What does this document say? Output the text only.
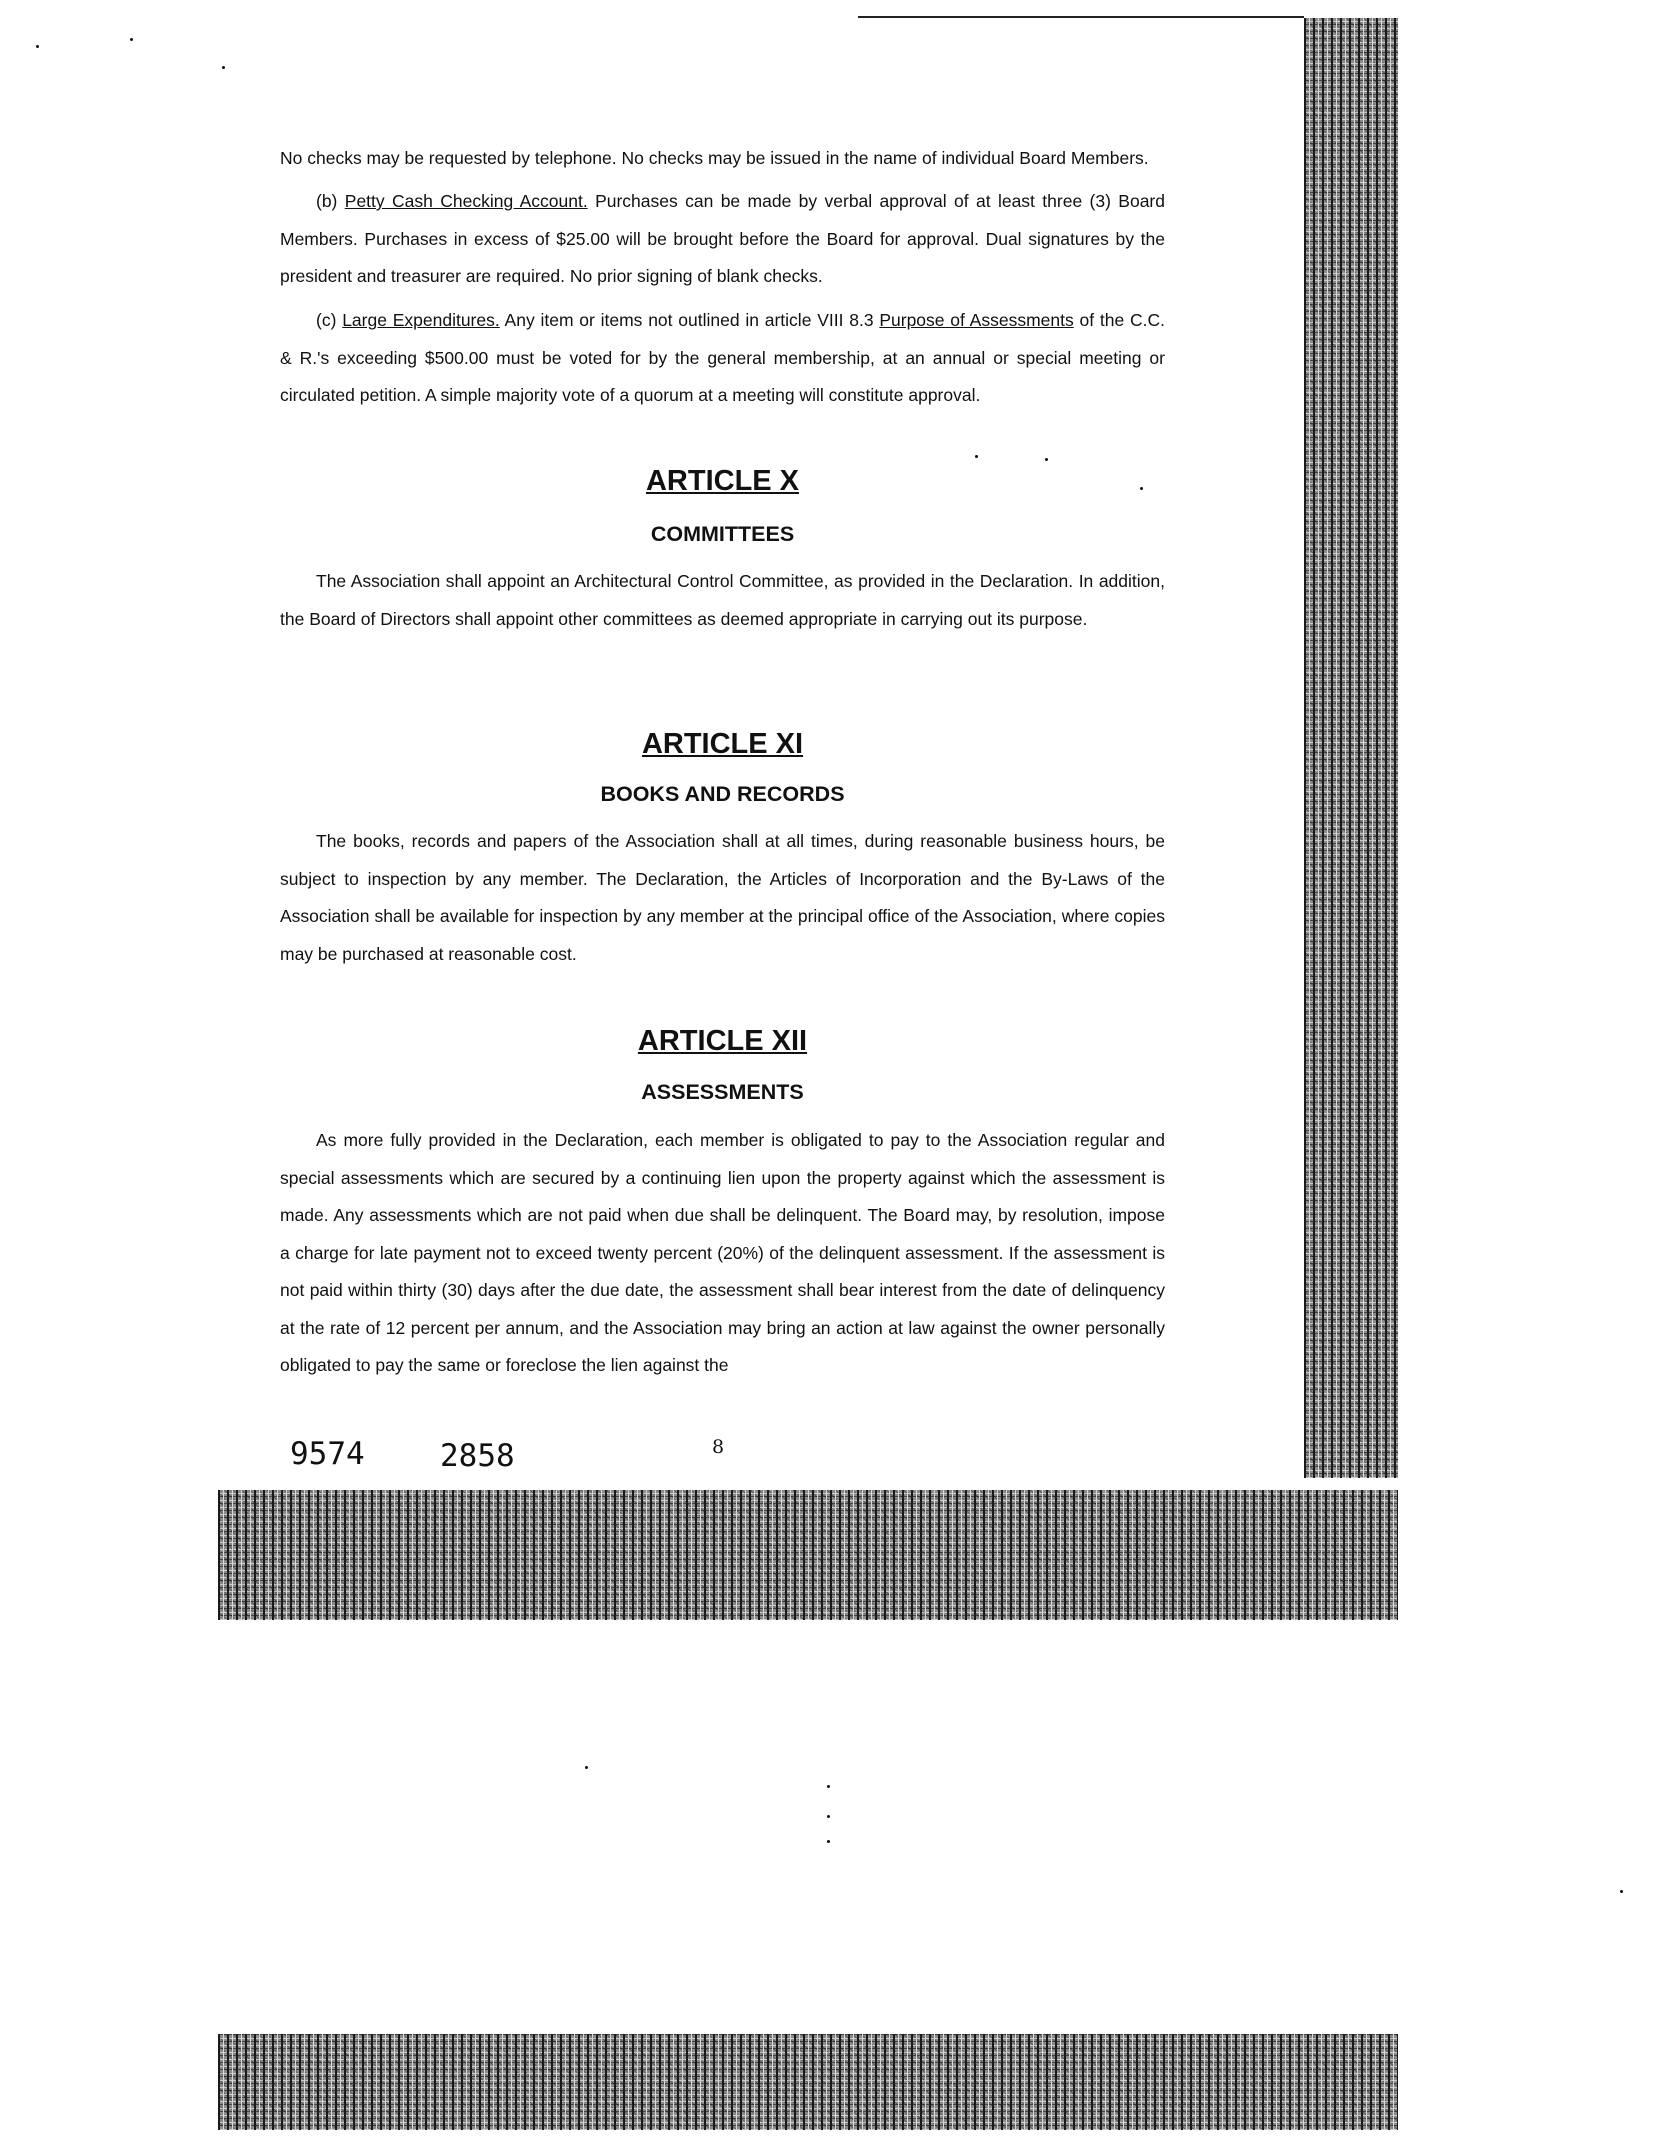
No checks may be requested by telephone. No checks may be issued in the name of individual Board Members.

(b) Petty Cash Checking Account. Purchases can be made by verbal approval of at least three (3) Board Members. Purchases in excess of $25.00 will be brought before the Board for approval. Dual signatures by the president and treasurer are required. No prior signing of blank checks.

(c) Large Expenditures. Any item or items not outlined in article VIII 8.3 Purpose of Assessments of the C.C. & R.'s exceeding $500.00 must be voted for by the general membership, at an annual or special meeting or circulated petition. A simple majority vote of a quorum at a meeting will constitute approval.

ARTICLE X
COMMITTEES

The Association shall appoint an Architectural Control Committee, as provided in the Declaration. In addition, the Board of Directors shall appoint other committees as deemed appropriate in carrying out its purpose.

ARTICLE XI
BOOKS AND RECORDS

The books, records and papers of the Association shall at all times, during reasonable business hours, be subject to inspection by any member. The Declaration, the Articles of Incorporation and the By-Laws of the Association shall be available for inspection by any member at the principal office of the Association, where copies may be purchased at reasonable cost.

ARTICLE XII
ASSESSMENTS

As more fully provided in the Declaration, each member is obligated to pay to the Association regular and special assessments which are secured by a continuing lien upon the property against which the assessment is made. Any assessments which are not paid when due shall be delinquent. The Board may, by resolution, impose a charge for late payment not to exceed twenty percent (20%) of the delinquent assessment. If the assessment is not paid within thirty (30) days after the due date, the assessment shall bear interest from the date of delinquency at the rate of 12 percent per annum, and the Association may bring an action at law against the owner personally obligated to pay the same or foreclose the lien against the

9574 2858	8
